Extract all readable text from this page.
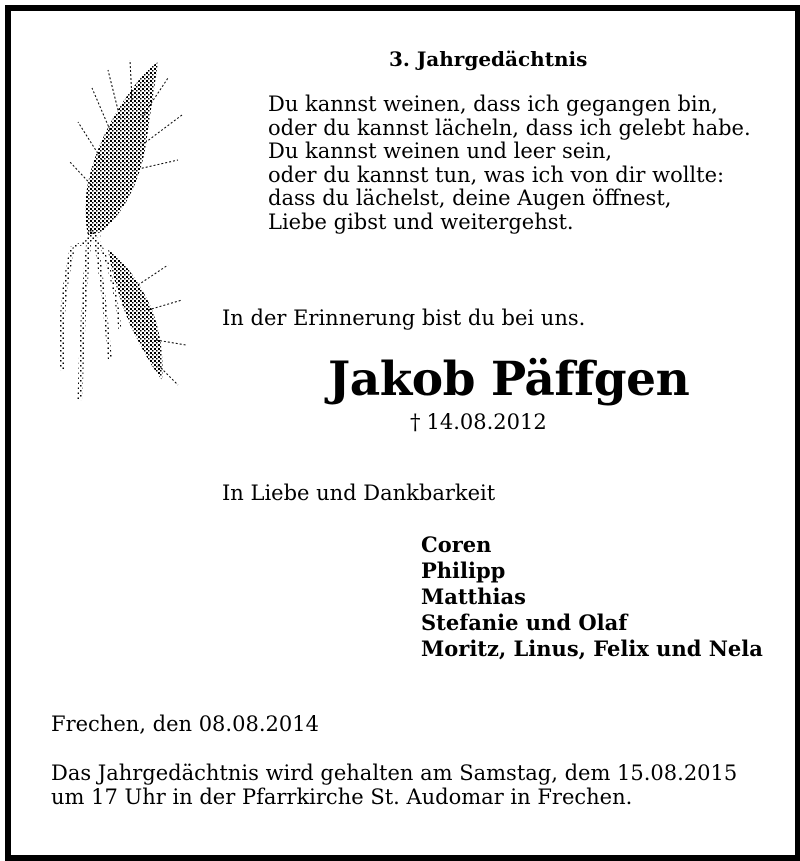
3. Jahrgedächtnis
Du kannst weinen, dass ich gegangen bin,
oder du kannst lächeln, dass ich gelebt habe.
Du kannst weinen und leer sein,
oder du kannst tun, was ich von dir wollte:
dass du lächelst, deine Augen öffnest,
Liebe gibst und weitergehst.
In der Erinnerung bist du bei uns.
Jakob Päffgen
† 14.08.2012
In Liebe und Dankbarkeit
Coren
Philipp
Matthias
Stefanie und Olaf
Moritz, Linus, Felix und Nela
Frechen, den 08.08.2014
Das Jahrgedächtnis wird gehalten am Samstag, dem 15.08.2015
um 17 Uhr in der Pfarrkirche St. Audomar in Frechen.
